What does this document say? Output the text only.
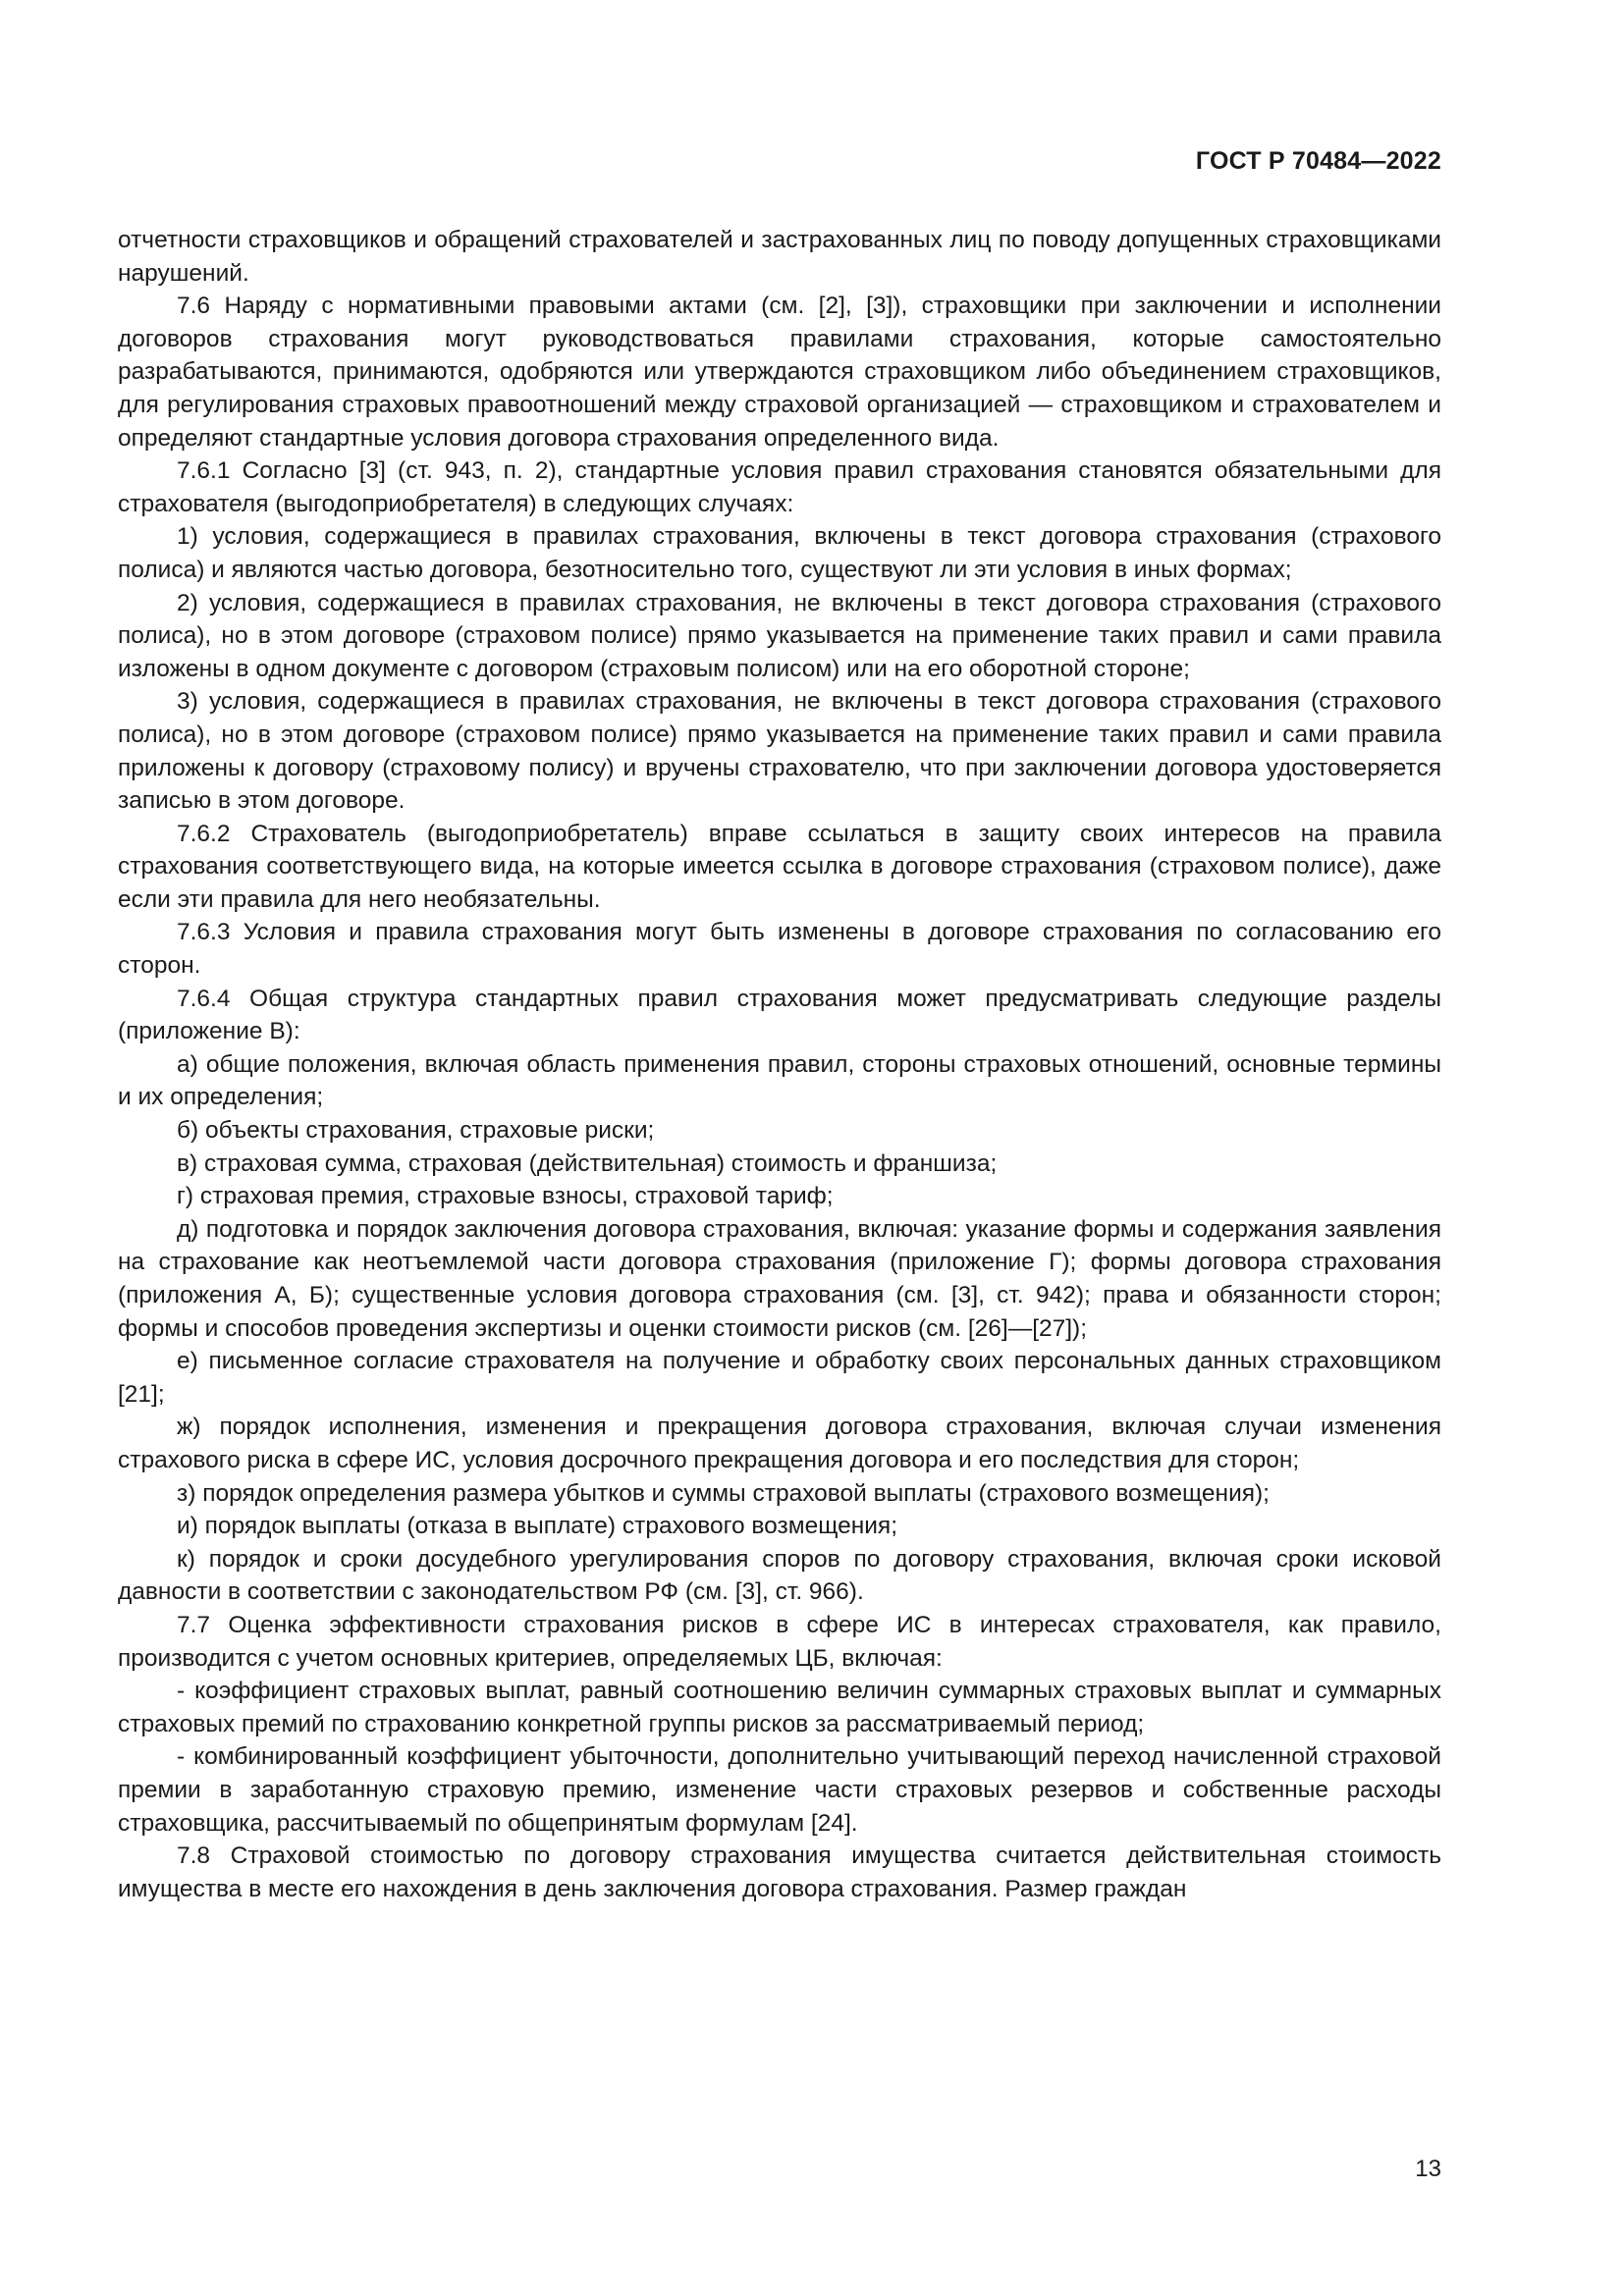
ГОСТ Р 70484—2022

отчетности страховщиков и обращений страхователей и застрахованных лиц по поводу допущенных страховщиками нарушений.

7.6 Наряду с нормативными правовыми актами (см. [2], [3]), страховщики при заключении и исполнении договоров страхования могут руководствоваться правилами страхования, которые самостоятельно разрабатываются, принимаются, одобряются или утверждаются страховщиком либо объединением страховщиков, для регулирования страховых правоотношений между страховой организацией — страховщиком и страхователем и определяют стандартные условия договора страхования определенного вида.

7.6.1 Согласно [3] (ст. 943, п. 2), стандартные условия правил страхования становятся обязательными для страхователя (выгодоприобретателя) в следующих случаях:

1) условия, содержащиеся в правилах страхования, включены в текст договора страхования (страхового полиса) и являются частью договора, безотносительно того, существуют ли эти условия в иных формах;

2) условия, содержащиеся в правилах страхования, не включены в текст договора страхования (страхового полиса), но в этом договоре (страховом полисе) прямо указывается на применение таких правил и сами правила изложены в одном документе с договором (страховым полисом) или на его оборотной стороне;

3) условия, содержащиеся в правилах страхования, не включены в текст договора страхования (страхового полиса), но в этом договоре (страховом полисе) прямо указывается на применение таких правил и сами правила приложены к договору (страховому полису) и вручены страхователю, что при заключении договора удостоверяется записью в этом договоре.

7.6.2 Страхователь (выгодоприобретатель) вправе ссылаться в защиту своих интересов на правила страхования соответствующего вида, на которые имеется ссылка в договоре страхования (страховом полисе), даже если эти правила для него необязательны.

7.6.3 Условия и правила страхования могут быть изменены в договоре страхования по согласованию его сторон.

7.6.4 Общая структура стандартных правил страхования может предусматривать следующие разделы (приложение В):

а) общие положения, включая область применения правил, стороны страховых отношений, основные термины и их определения;

б) объекты страхования, страховые риски;

в) страховая сумма, страховая (действительная) стоимость и франшиза;

г) страховая премия, страховые взносы, страховой тариф;

д) подготовка и порядок заключения договора страхования, включая: указание формы и содержания заявления на страхование как неотъемлемой части договора страхования (приложение Г); формы договора страхования (приложения А, Б); существенные условия договора страхования (см. [3], ст. 942); права и обязанности сторон; формы и способов проведения экспертизы и оценки стоимости рисков (см. [26]—[27]);

е) письменное согласие страхователя на получение и обработку своих персональных данных страховщиком [21];

ж) порядок исполнения, изменения и прекращения договора страхования, включая случаи изменения страхового риска в сфере ИС, условия досрочного прекращения договора и его последствия для сторон;

з) порядок определения размера убытков и суммы страховой выплаты (страхового возмещения);

и) порядок выплаты (отказа в выплате) страхового возмещения;

к) порядок и сроки досудебного урегулирования споров по договору страхования, включая сроки исковой давности в соответствии с законодательством РФ (см. [3], ст. 966).

7.7 Оценка эффективности страхования рисков в сфере ИС в интересах страхователя, как правило, производится с учетом основных критериев, определяемых ЦБ, включая:

- коэффициент страховых выплат, равный соотношению величин суммарных страховых выплат и суммарных страховых премий по страхованию конкретной группы рисков за рассматриваемый период;

- комбинированный коэффициент убыточности, дополнительно учитывающий переход начисленной страховой премии в заработанную страховую премию, изменение части страховых резервов и собственные расходы страховщика, рассчитываемый по общепринятым формулам [24].

7.8 Страховой стоимостью по договору страхования имущества считается действительная стоимость имущества в месте его нахождения в день заключения договора страхования. Размер граждан

13
